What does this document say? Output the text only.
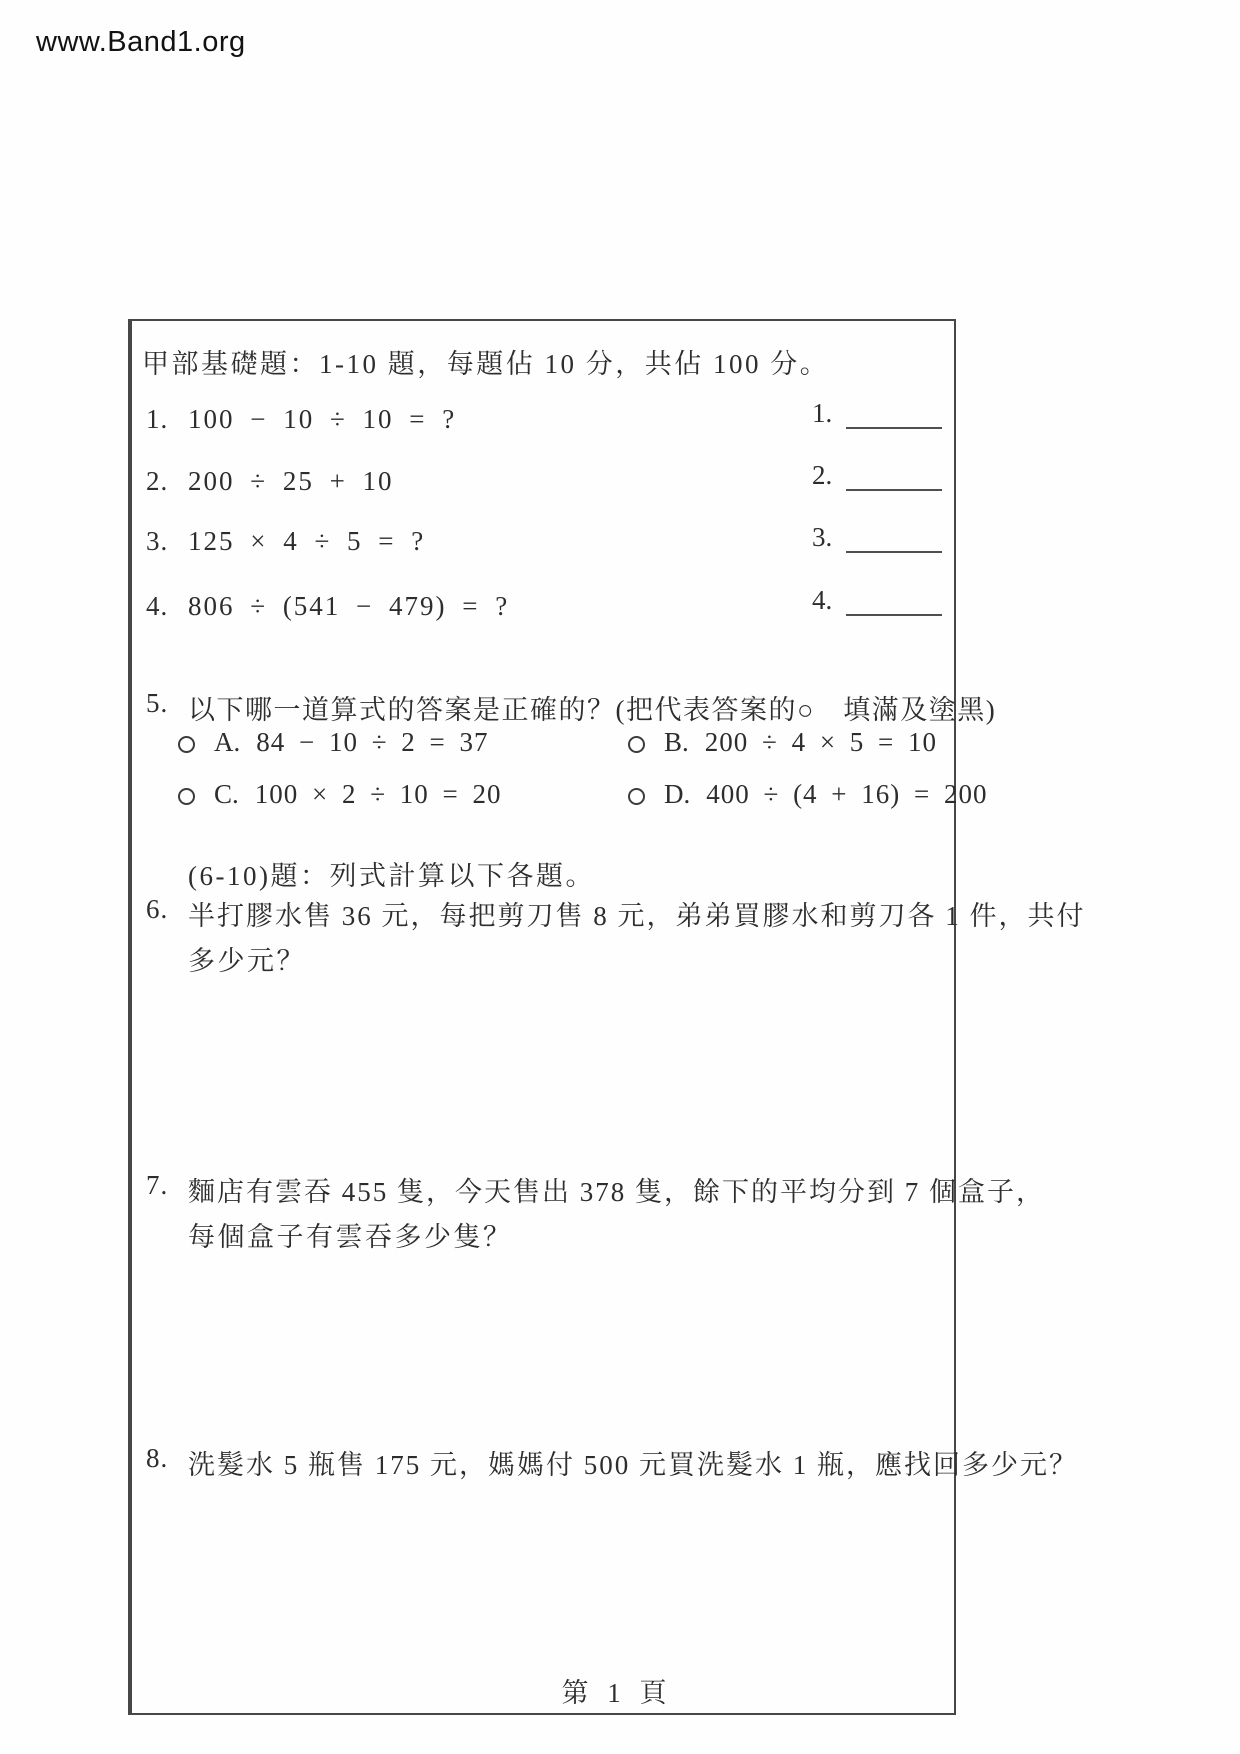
www.Band1.org
甲部基礎題：1-10 題，每題佔 10 分，共佔 100 分。
1. 100 − 10 ÷ 10 = ?	1.
2. 200 ÷ 25 + 10	2.
3. 125 × 4 ÷ 5 = ?	3.
4. 806 ÷ (541 − 479) = ?	4.
5. 以下哪一道算式的答案是正確的？(把代表答案的○　填滿及塗黑)
A. 84 − 10 ÷ 2 = 37	B. 200 ÷ 4 × 5 = 10
C. 100 × 2 ÷ 10 = 20	D. 400 ÷ (4 + 16) = 200
(6-10)題：列式計算以下各題。
6. 半打膠水售 36 元，每把剪刀售 8 元，弟弟買膠水和剪刀各 1 件，共付
多少元？
7. 麵店有雲吞 455 隻，今天售出 378 隻，餘下的平均分到 7 個盒子，
每個盒子有雲吞多少隻？
8. 洗髮水 5 瓶售 175 元，媽媽付 500 元買洗髮水 1 瓶，應找回多少元？
第 1 頁
